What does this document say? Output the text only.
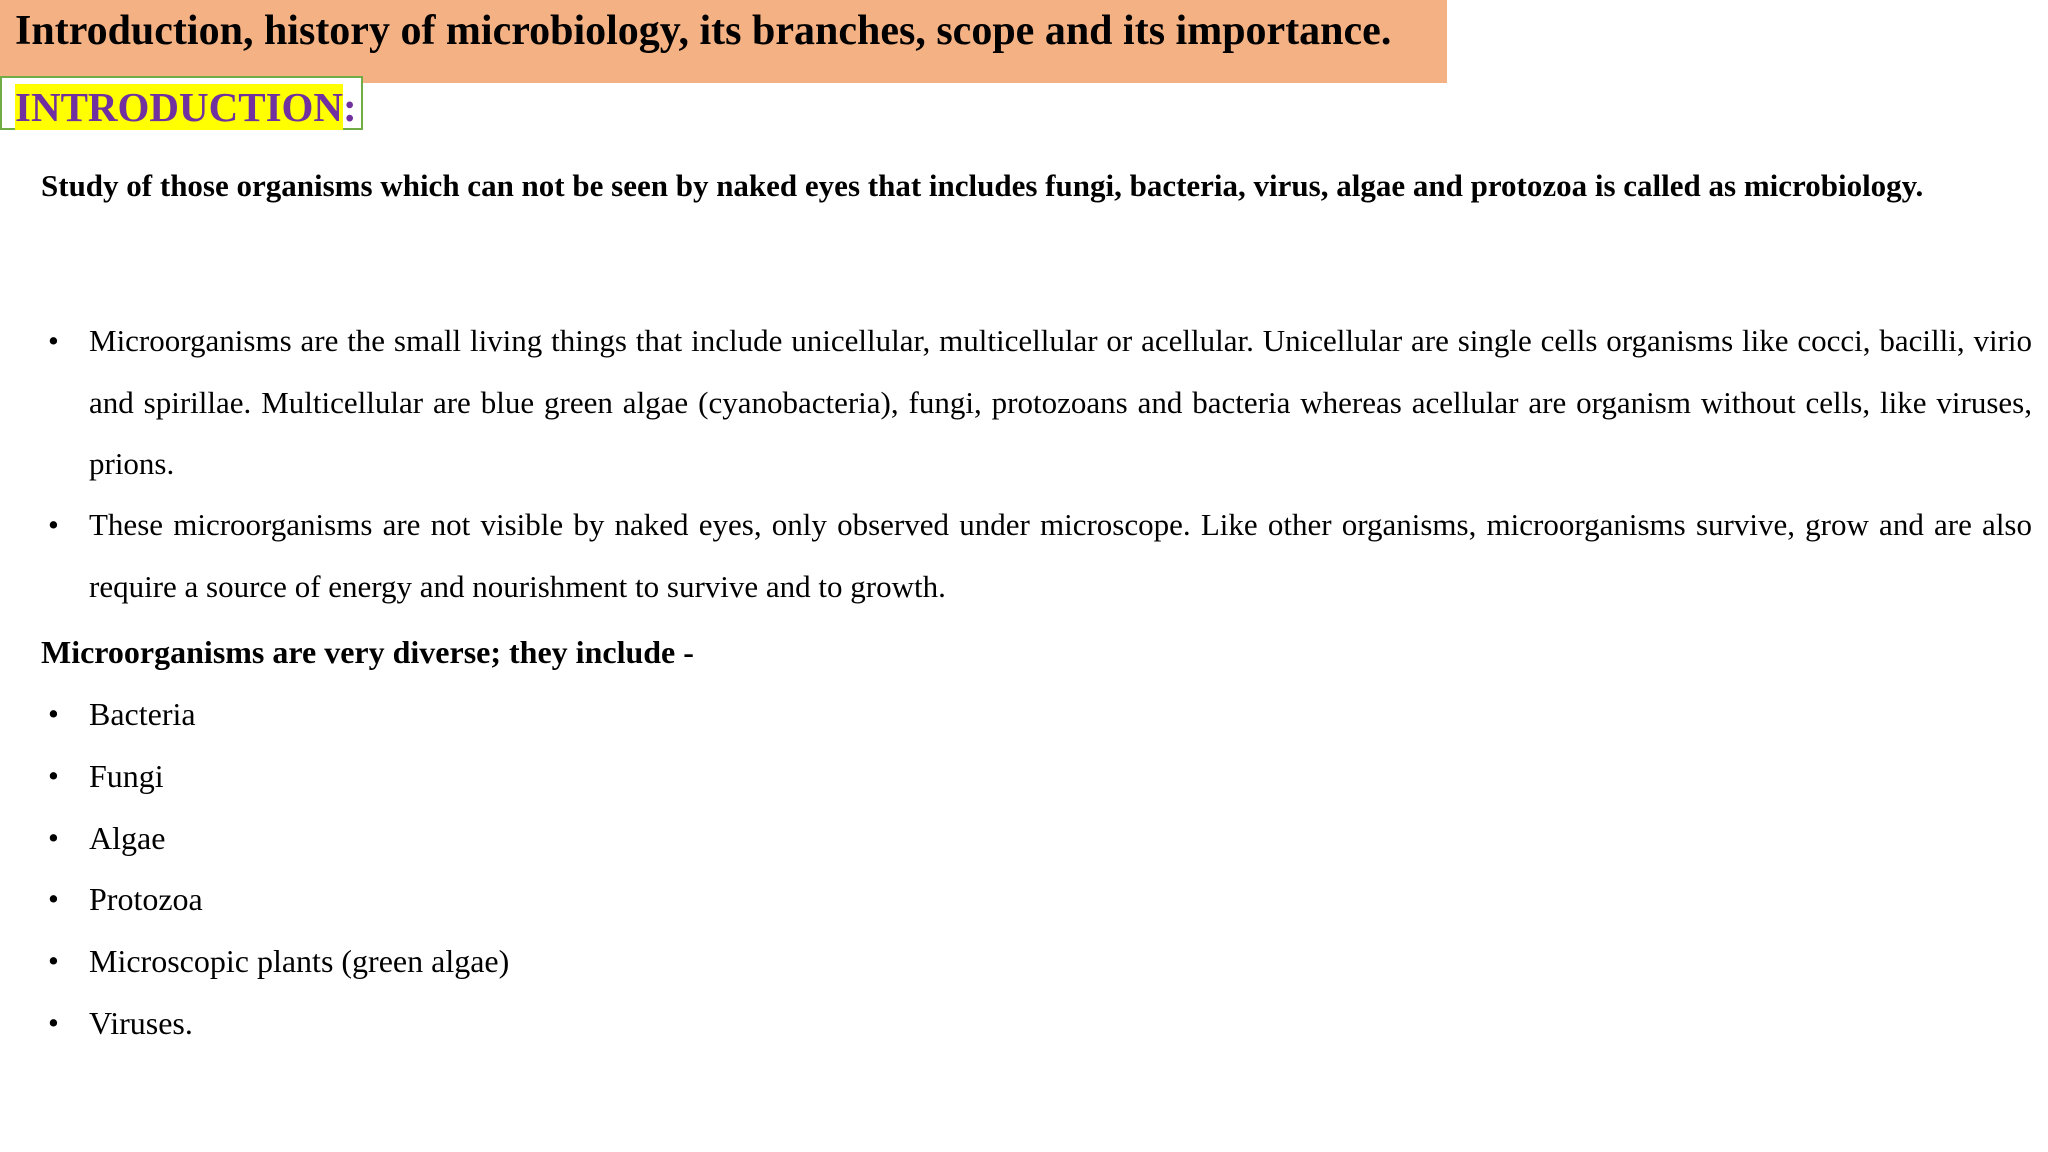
Introduction, history of microbiology, its branches, scope and its importance.
INTRODUCTION:
Study of those organisms which can not be seen by naked eyes that includes fungi, bacteria, virus, algae and protozoa is called as microbiology.
• Microorganisms are the small living things that include unicellular, multicellular or acellular. Unicellular are single cells organisms like cocci, bacilli, virio and spirillae. Multicellular are blue green algae (cyanobacteria), fungi, protozoans and bacteria whereas acellular are organism without cells, like viruses, prions.
• These microorganisms are not visible by naked eyes, only observed under microscope. Like other organisms, microorganisms survive, grow and are also require a source of energy and nourishment to survive and to growth.
Microorganisms are very diverse; they include -
• Bacteria
• Fungi
• Algae
• Protozoa
• Microscopic plants (green algae)
• Viruses.
